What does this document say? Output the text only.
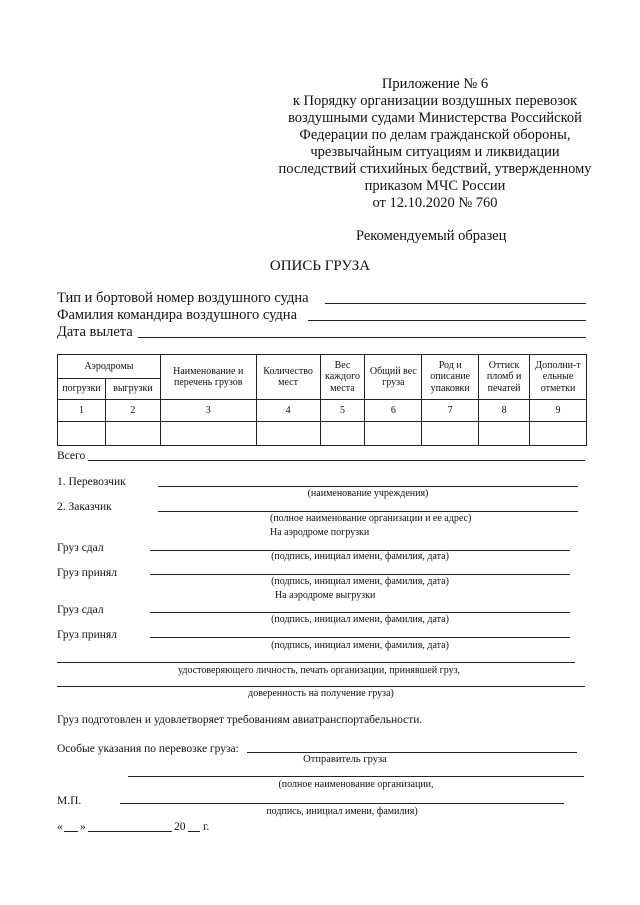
Приложение № 6
к Порядку организации воздушных перевозок
воздушными судами Министерства Российской
Федерации по делам гражданской обороны,
чрезвычайным ситуациям и ликвидации
последствий стихийных бедствий, утвержденному
приказом МЧС России
от 12.10.2020 № 760
Рекомендуемый образец
ОПИСЬ ГРУЗА
Тип и бортовой номер воздушного судна
Фамилия командира воздушного судна
Дата вылета
Аэродромы		Наименование и перечень грузов	Количество мест	Вес каждого места	Общий вес груза	Род и описание упаковки	Оттиск пломб и печатей	Дополни-т ельные отметки
погрузки	выгрузки							
1	2	3	4	5	6	7	8	9

Всего
1. Перевозчик
(наименование учреждения)
2. Заказчик
(полное наименование организации и ее адрес)
На аэродроме погрузки
Груз сдал
(подпись, инициал имени, фамилия, дата)
Груз принял
(подпись, инициал имени, фамилия, дата)
На аэродроме выгрузки
Груз сдал
(подпись, инициал имени, фамилия, дата)
Груз принял
(подпись, инициал имени, фамилия, дата)
удостоверяющего личность, печать организации, принявшей груз,
доверенность на получение груза)
Груз подготовлен и удовлетворяет требованиям авиатранспортабельности.
Особые указания по перевозке груза:
Отправитель груза
(полное наименование организации,
М.П.
подпись, инициал имени, фамилия)
« »	20 г.
